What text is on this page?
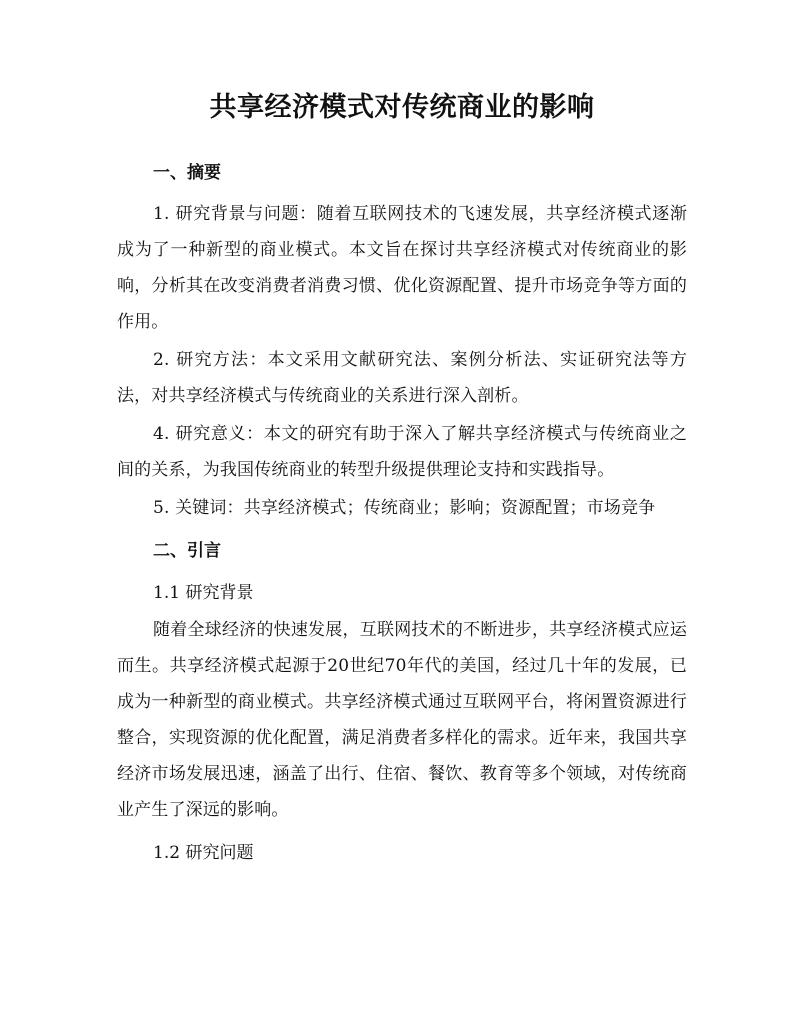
共享经济模式对传统商业的影响
一、摘要

1. 研究背景与问题：随着互联网技术的飞速发展，共享经济模式逐渐成为了一种新型的商业模式。本文旨在探讨共享经济模式对传统商业的影响，分析其在改变消费者消费习惯、优化资源配置、提升市场竞争等方面的作用。

2. 研究方法：本文采用文献研究法、案例分析法、实证研究法等方法，对共享经济模式与传统商业的关系进行深入剖析。

4. 研究意义：本文的研究有助于深入了解共享经济模式与传统商业之间的关系，为我国传统商业的转型升级提供理论支持和实践指导。

5. 关键词：共享经济模式；传统商业；影响；资源配置；市场竞争

二、引言
1.1 研究背景

随着全球经济的快速发展，互联网技术的不断进步，共享经济模式应运而生。共享经济模式起源于20世纪70年代的美国，经过几十年的发展，已成为一种新型的商业模式。共享经济模式通过互联网平台，将闲置资源进行整合，实现资源的优化配置，满足消费者多样化的需求。近年来，我国共享经济市场发展迅速，涵盖了出行、住宿、餐饮、教育等多个领域，对传统商业产生了深远的影响。

1.2 研究问题
